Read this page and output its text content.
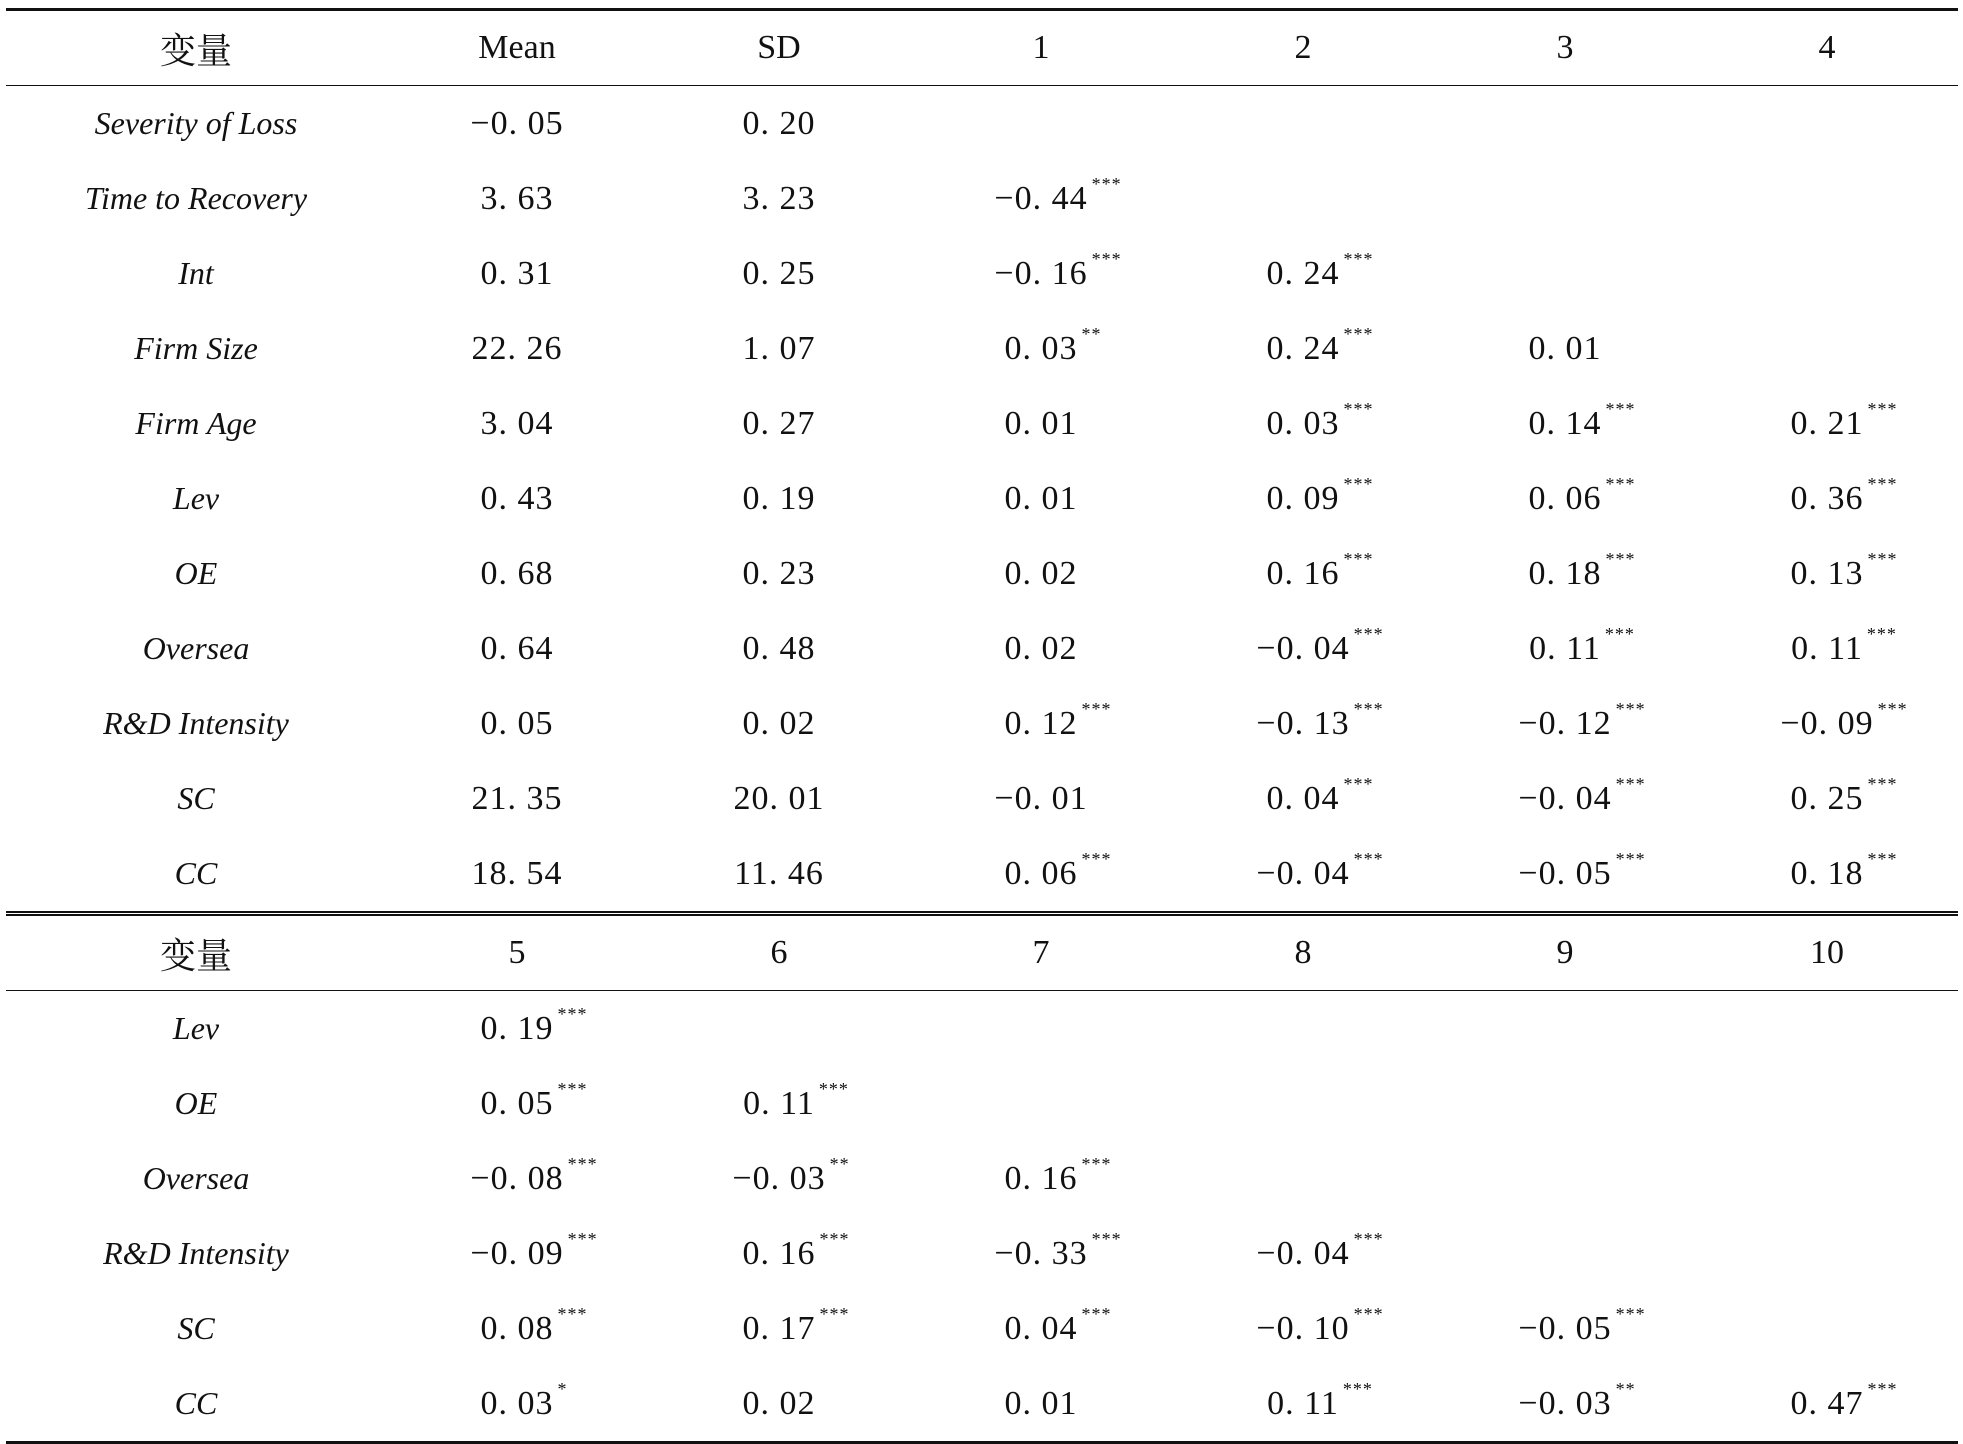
变量	Mean	SD	1	2	3	4
Severity of Loss	−0. 05	0. 20

Time to Recovery	3. 63	3. 23	−0. 44 ***			

Int	0. 31	0. 25	−0. 16 ***	0. 24 ***		

Firm Size	22. 26	1. 07	0. 03 **	0. 24 ***	0. 01

Firm Age	3. 04	0. 27	0. 01	0. 03 ***	0. 14 ***	0. 21 ***

Lev	0. 43	0. 19	0. 01	0. 09 ***	0. 06 ***	0. 36 ***

OE	0. 68	0. 23	0. 02	0. 16 ***	0. 18 ***	0. 13 ***

Oversea	0. 64	0. 48	0. 02	−0. 04 ***	0. 11 ***	0. 11 ***

R&D Intensity	0. 05	0. 02	0. 12 ***	−0. 13 ***	−0. 12 ***	−0. 09 ***

SC	21. 35	20. 01	−0. 01	0. 04 ***	−0. 04 ***	0. 25 ***

CC	18. 54	11. 46	0. 06 ***	−0. 04 ***	−0. 05 ***	0. 18 ***

变量	5	6	7	8	9	10
Lev	0. 19 ***					

OE	0. 05 ***	0. 11 ***				

Oversea	−0. 08 ***	−0. 03 **	0. 16 ***			

R&D Intensity	−0. 09 ***	0. 16 ***	−0. 33 ***	−0. 04 ***		

SC	0. 08 ***	0. 17 ***	0. 04 ***	−0. 10 ***	−0. 05 ***	

CC	0. 03 *	0. 02	0. 01	0. 11 ***	−0. 03 **	0. 47 ***
